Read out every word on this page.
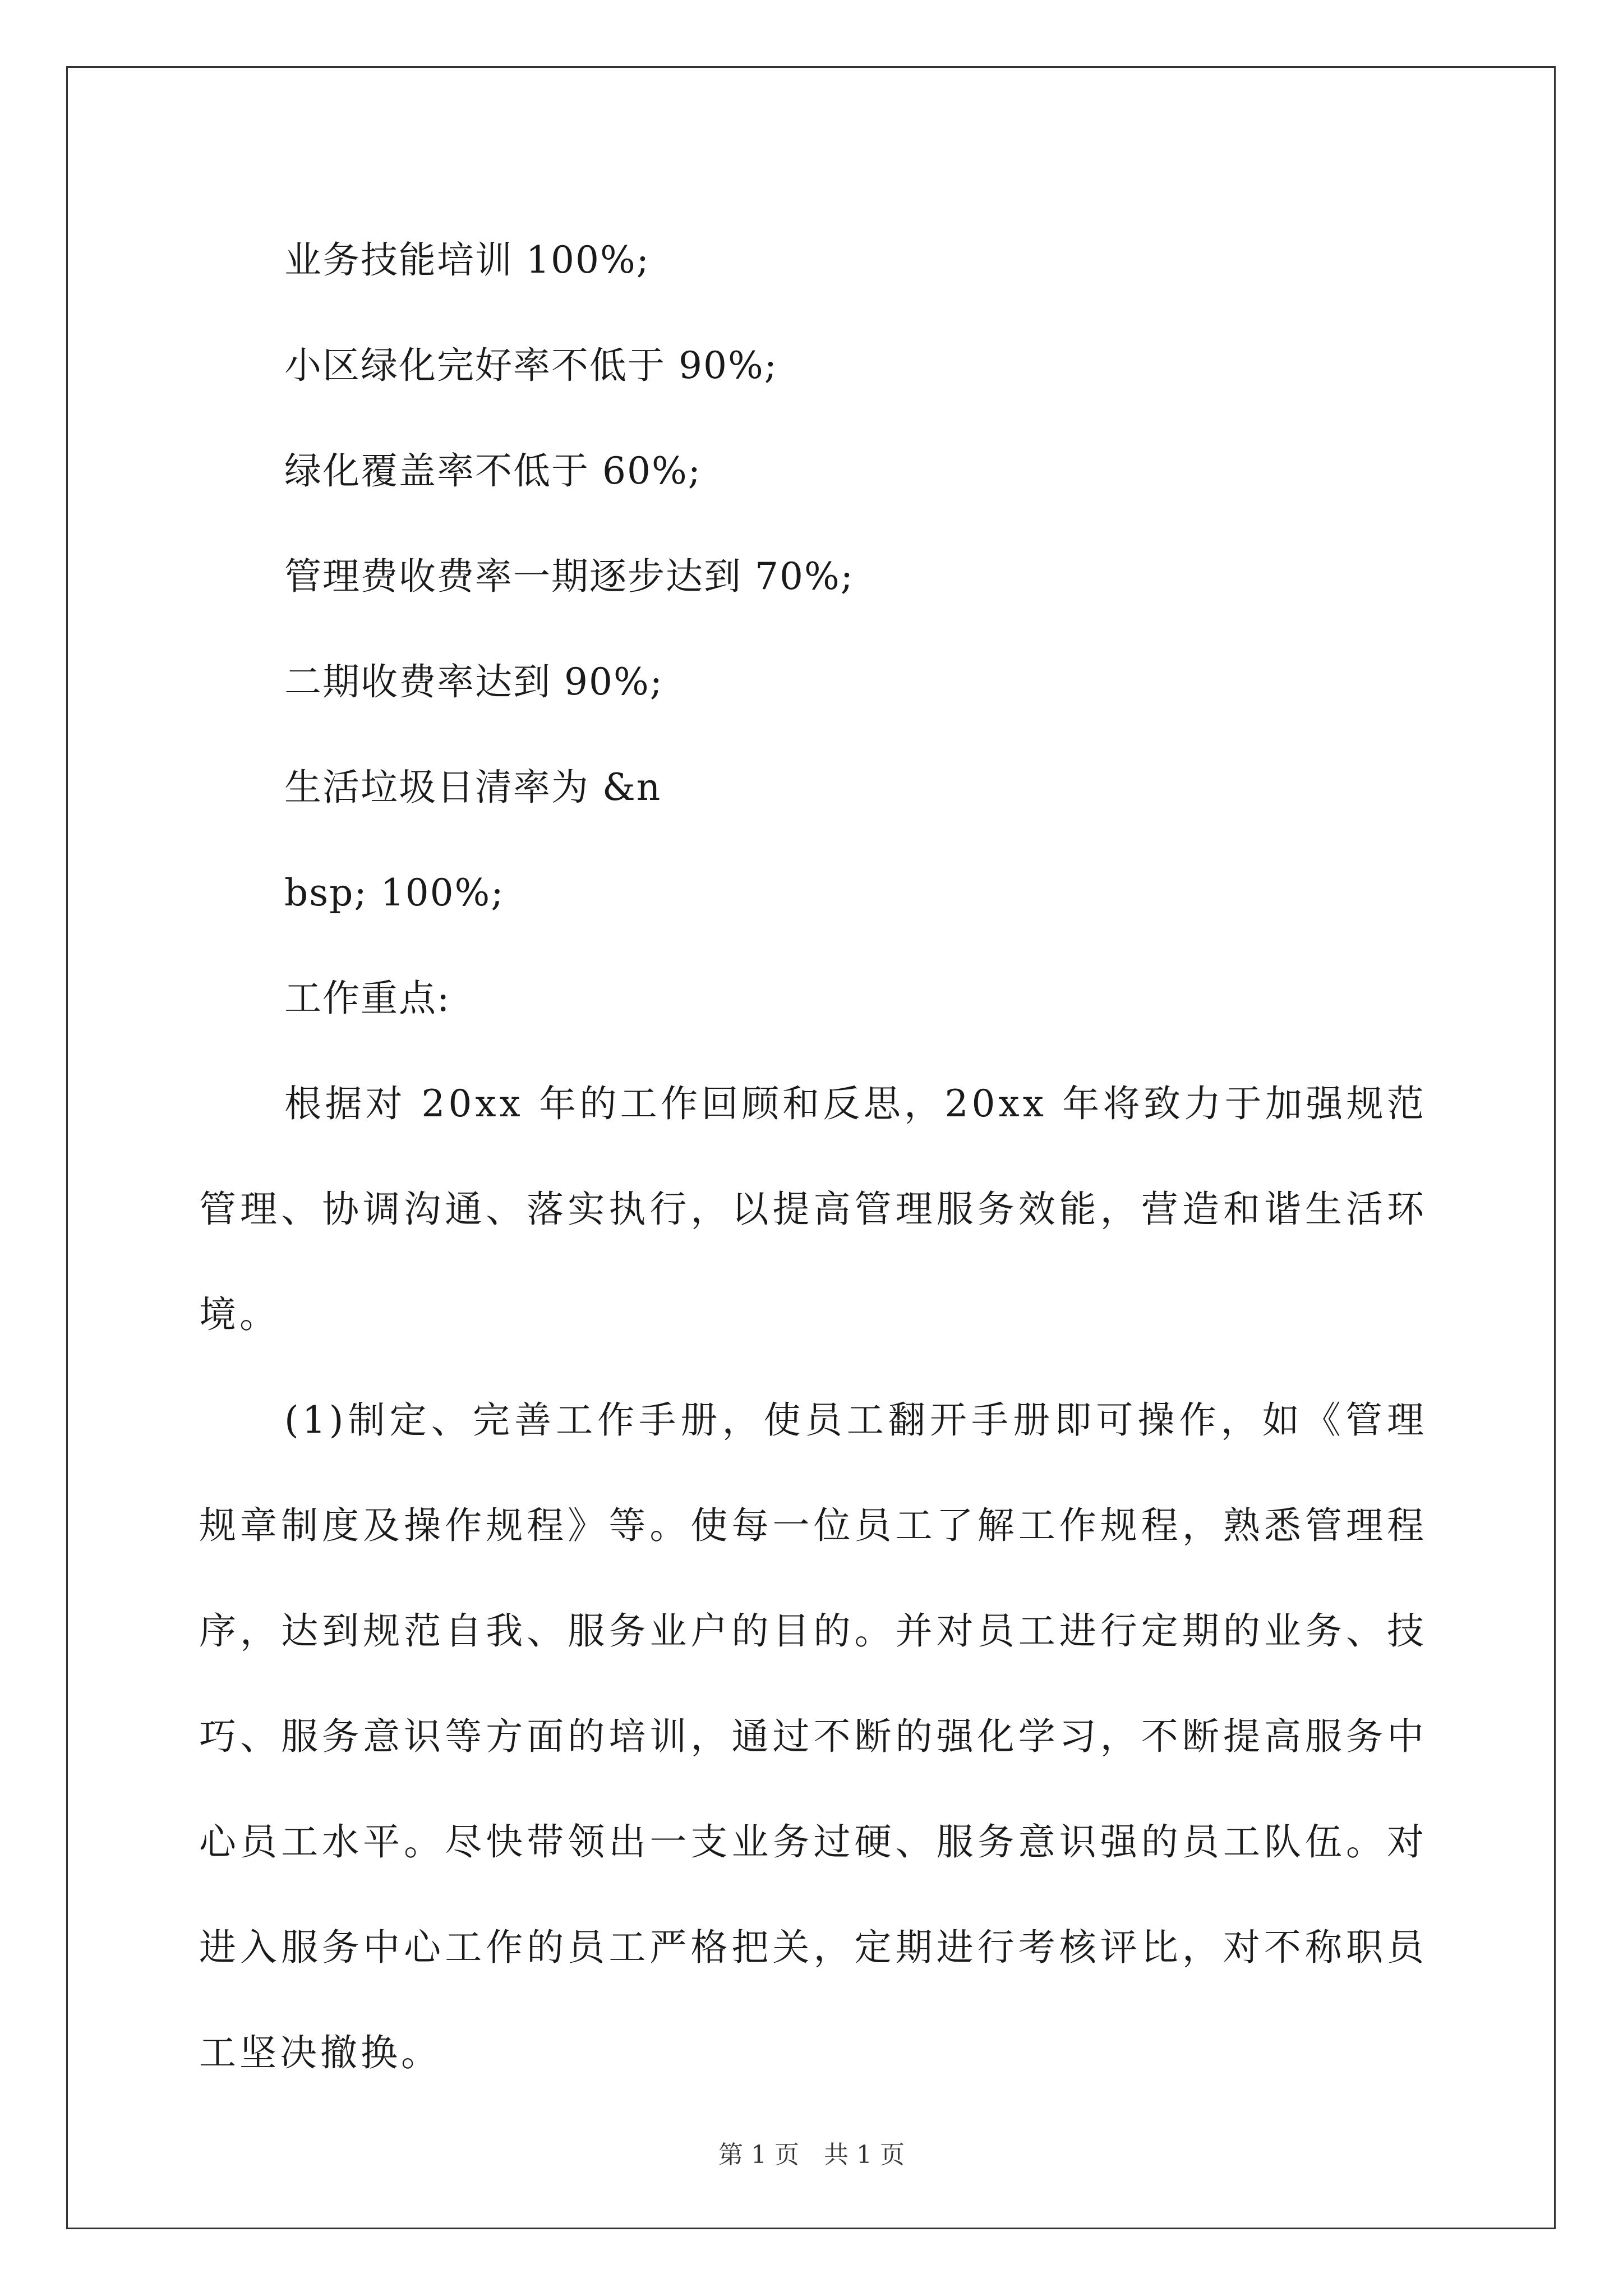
业务技能培训 100%;
小区绿化完好率不低于 90%;
绿化覆盖率不低于 60%;
管理费收费率一期逐步达到 70%;
二期收费率达到 90%;
生活垃圾日清率为 &n
bsp; 100%;
工作重点:

根据对 20xx 年的工作回顾和反思，20xx 年将致力于加强规范管理、协调沟通、落实执行，以提高管理服务效能，营造和谐生活环境。

(1)制定、完善工作手册，使员工翻开手册即可操作，如《管理规章制度及操作规程》等。使每一位员工了解工作规程，熟悉管理程序，达到规范自我、服务业户的目的。并对员工进行定期的业务、技巧、服务意识等方面的培训，通过不断的强化学习，不断提高服务中心员工水平。尽快带领出一支业务过硬、服务意识强的员工队伍。对进入服务中心工作的员工严格把关，定期进行考核评比，对不称职员工坚决撤换。

第 1 页　共 1 页
